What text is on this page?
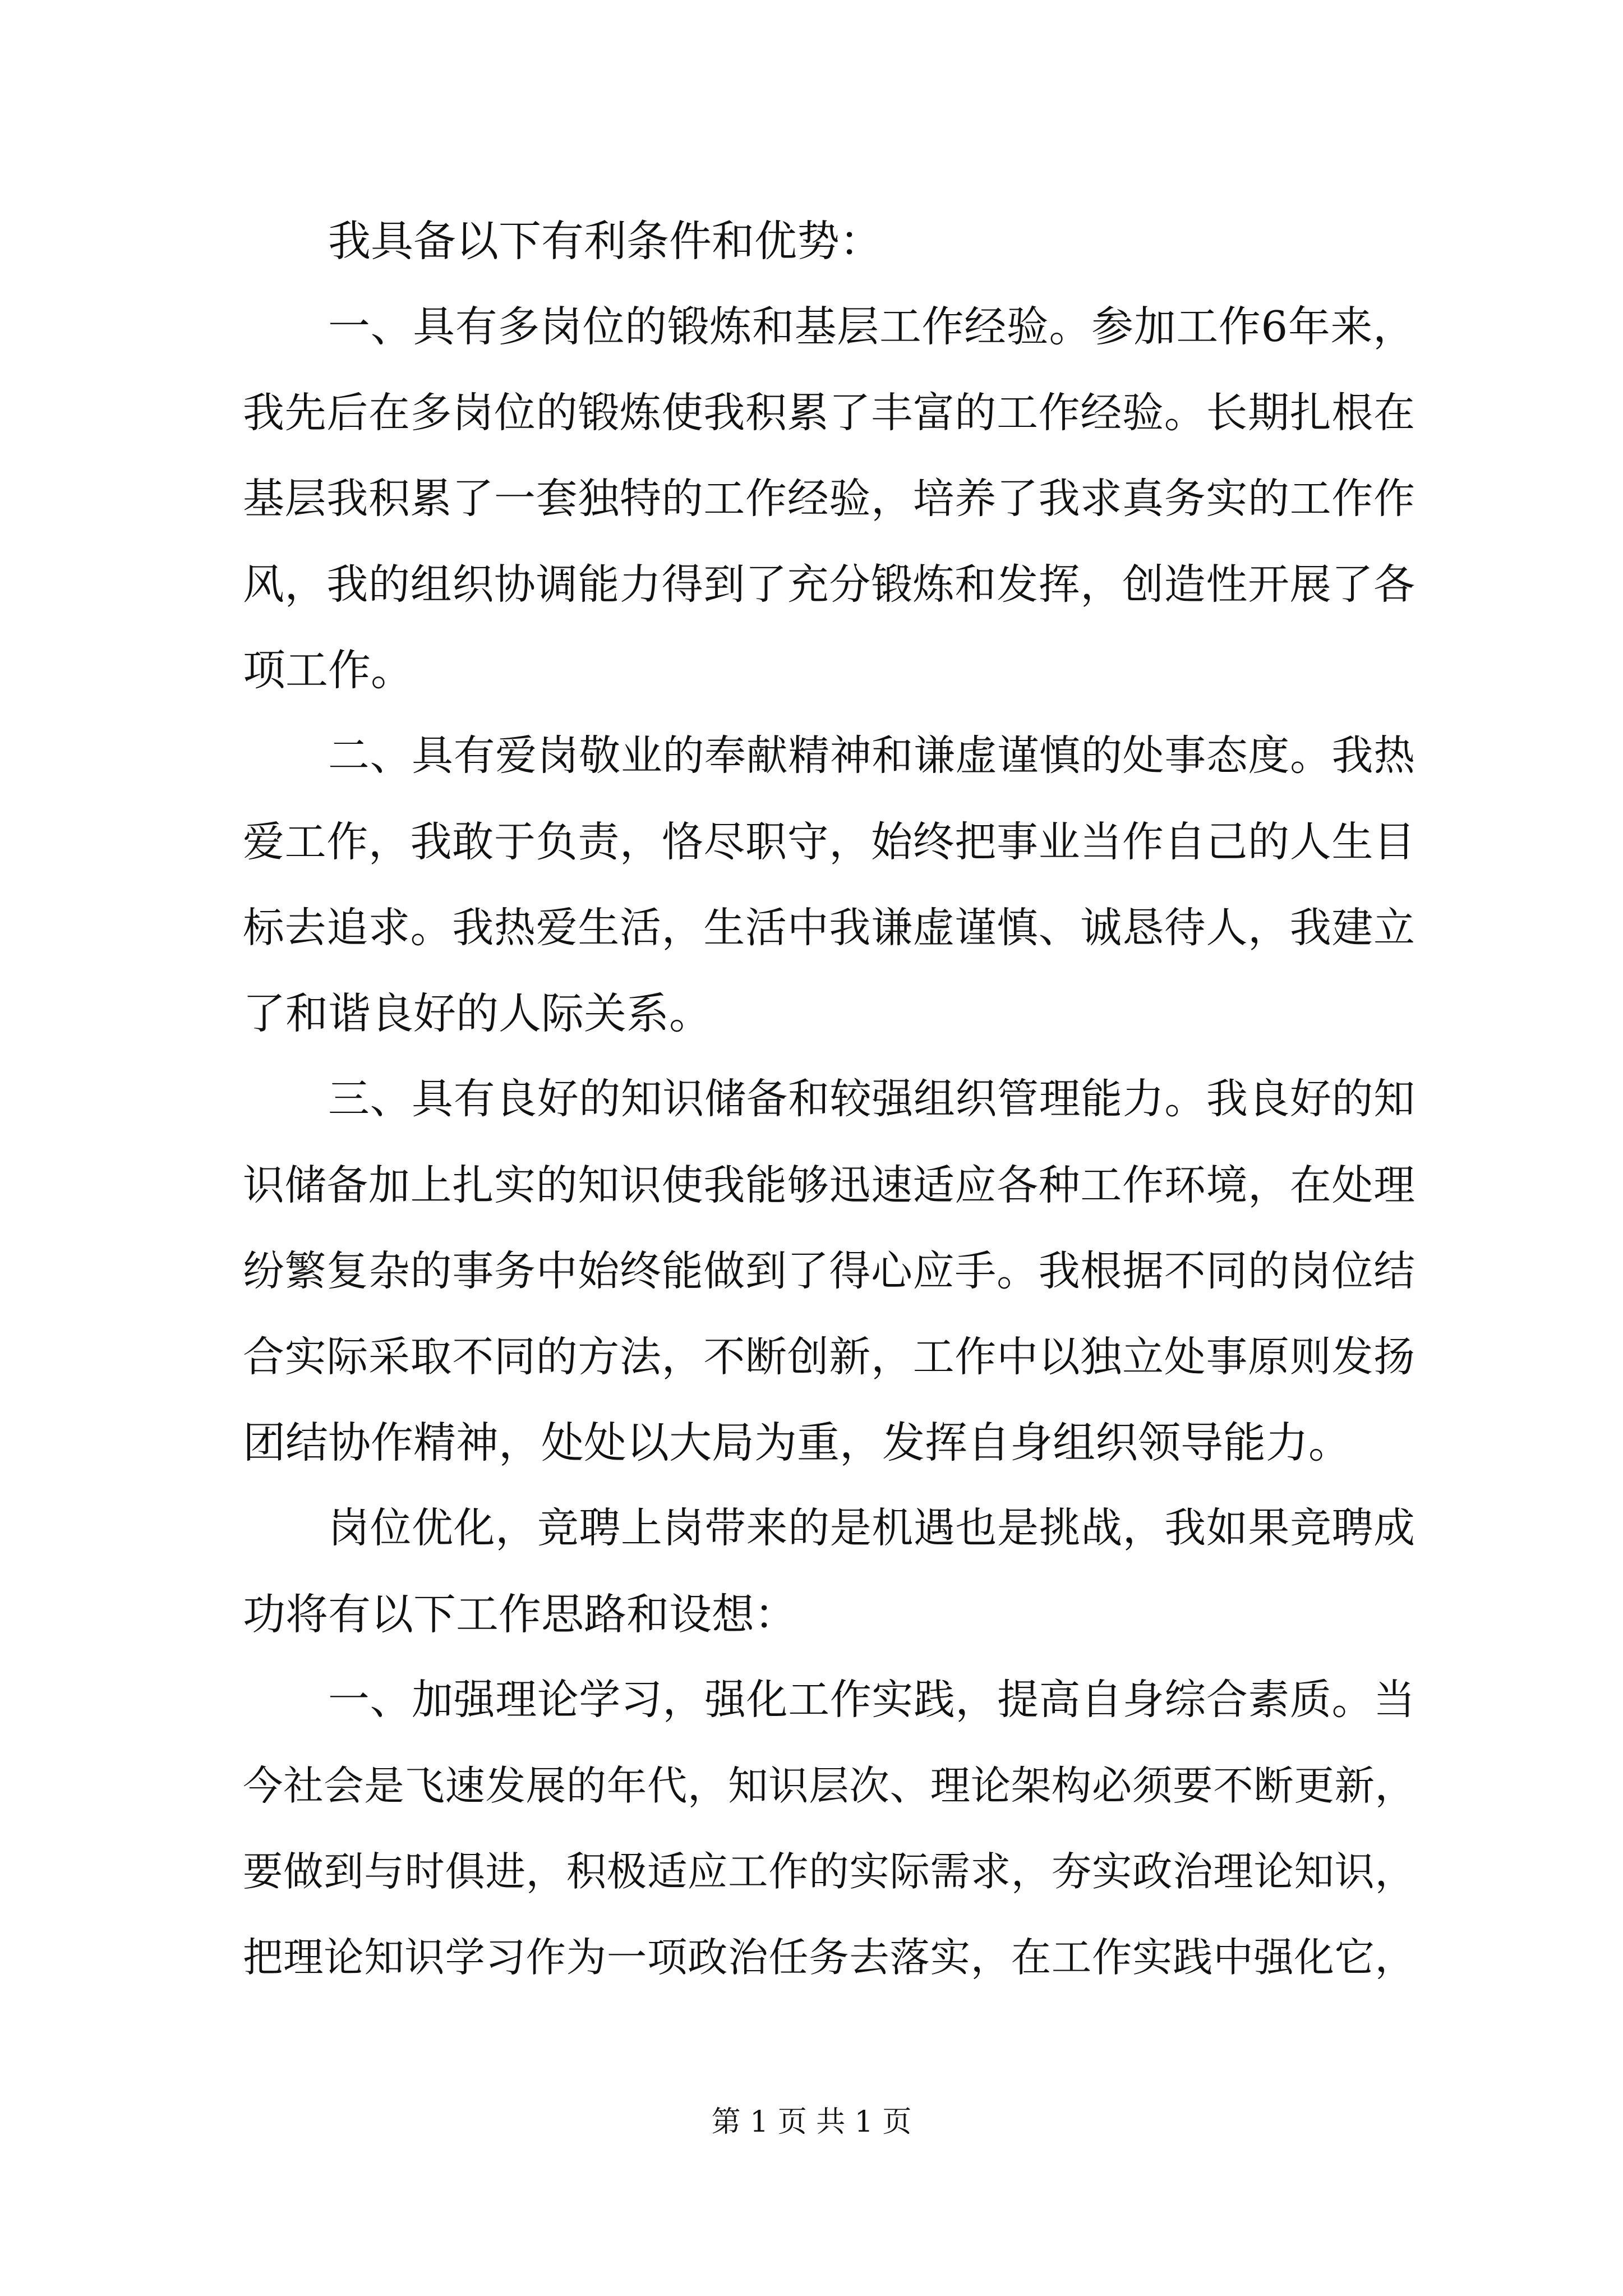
我具备以下有利条件和优势：
一、具有多岗位的锻炼和基层工作经验。参加工作6年来，
我先后在多岗位的锻炼使我积累了丰富的工作经验。长期扎根在
基层我积累了一套独特的工作经验，培养了我求真务实的工作作
风，我的组织协调能力得到了充分锻炼和发挥，创造性开展了各
项工作。
二、具有爱岗敬业的奉献精神和谦虚谨慎的处事态度。我热
爱工作，我敢于负责，恪尽职守，始终把事业当作自己的人生目
标去追求。我热爱生活，生活中我谦虚谨慎、诚恳待人，我建立
了和谐良好的人际关系。
三、具有良好的知识储备和较强组织管理能力。我良好的知
识储备加上扎实的知识使我能够迅速适应各种工作环境，在处理
纷繁复杂的事务中始终能做到了得心应手。我根据不同的岗位结
合实际采取不同的方法，不断创新，工作中以独立处事原则发扬
团结协作精神，处处以大局为重，发挥自身组织领导能力。
岗位优化，竞聘上岗带来的是机遇也是挑战，我如果竞聘成
功将有以下工作思路和设想：
一、加强理论学习，强化工作实践，提高自身综合素质。当
今社会是飞速发展的年代，知识层次、理论架构必须要不断更新，
要做到与时俱进，积极适应工作的实际需求，夯实政治理论知识，
把理论知识学习作为一项政治任务去落实，在工作实践中强化它，
第 1 页 共 1 页
